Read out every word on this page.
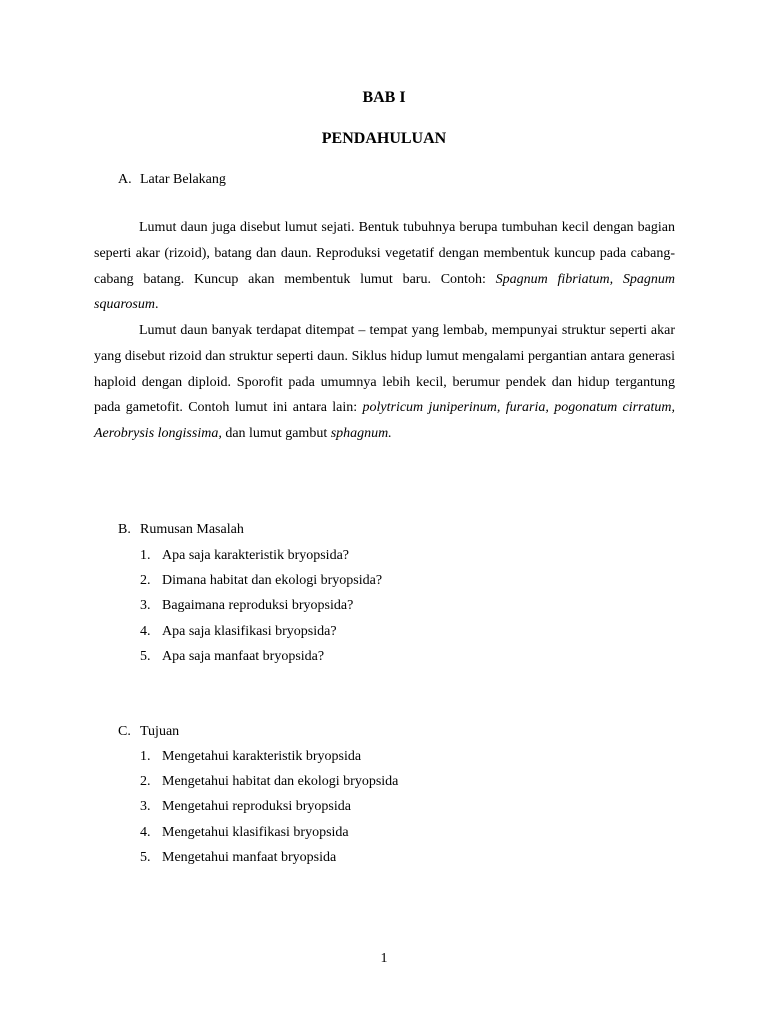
BAB I
PENDAHULUAN
A. Latar Belakang
Lumut daun juga disebut lumut sejati. Bentuk tubuhnya berupa tumbuhan kecil dengan bagian seperti akar (rizoid), batang dan daun. Reproduksi vegetatif dengan membentuk kuncup pada cabang-cabang batang. Kuncup akan membentuk lumut baru. Contoh: Spagnum fibriatum, Spagnum squarosum.
Lumut daun banyak terdapat ditempat – tempat yang lembab, mempunyai struktur seperti akar yang disebut rizoid dan struktur seperti daun. Siklus hidup lumut mengalami pergantian antara generasi haploid dengan diploid. Sporofit pada umumnya lebih kecil, berumur pendek dan hidup tergantung pada gametofit. Contoh lumut ini antara lain: polytricum juniperinum, furaria, pogonatum cirratum, Aerobrysis longissima, dan lumut gambut sphagnum.
B. Rumusan Masalah
1. Apa saja karakteristik bryopsida?
2. Dimana habitat dan ekologi bryopsida?
3. Bagaimana reproduksi bryopsida?
4. Apa saja klasifikasi bryopsida?
5. Apa saja manfaat bryopsida?
C. Tujuan
1. Mengetahui karakteristik bryopsida
2. Mengetahui habitat dan ekologi bryopsida
3. Mengetahui reproduksi bryopsida
4. Mengetahui klasifikasi bryopsida
5. Mengetahui manfaat bryopsida
1
